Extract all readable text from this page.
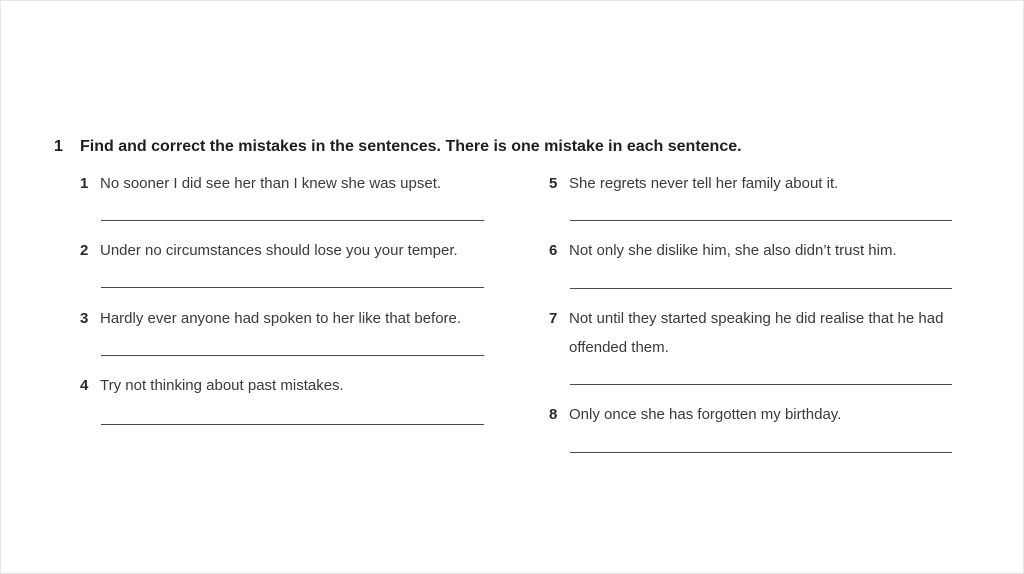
1 Find and correct the mistakes in the sentences. There is one mistake in each sentence.
1 No sooner I did see her than I knew she was upset.
2 Under no circumstances should lose you your temper.
3 Hardly ever anyone had spoken to her like that before.
4 Try not thinking about past mistakes.
5 She regrets never tell her family about it.
6 Not only she dislike him, she also didn’t trust him.
7 Not until they started speaking he did realise that he had offended them.
8 Only once she has forgotten my birthday.
